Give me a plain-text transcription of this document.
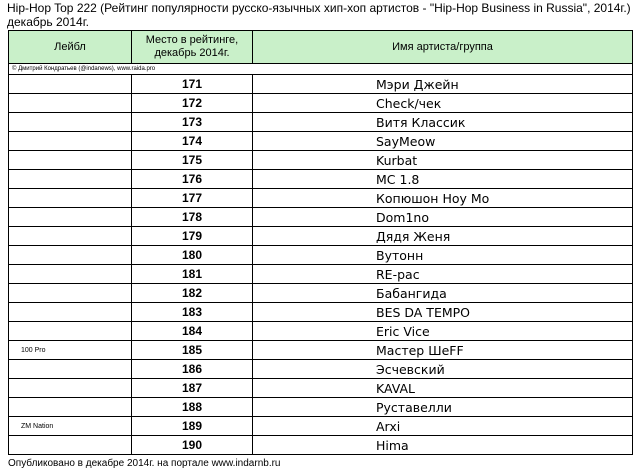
Hip-Hop Top 222 (Рейтинг популярности русско-язычных хип-хоп артистов - "Hip-Hop Business in Russia", 2014г.) декабрь 2014г.
Лейбл	Место в рейтинге, декабрь 2014г.	Имя артиста/группа
© Дмитрий Кондратьев (@indanews), www.raida.pro		
	171	Мэри Джейн
	172	Check/чек
	173	Витя Классик
	174	SayMeow
	175	Kurbat
	176	MC 1.8
	177	Копюшон Hoy Mo
	178	Dom1no
	179	Дядя Женя
	180	Вутонн
	181	RE-pac
	182	Бабангида
	183	BES DA TEMPO
	184	Eric Vice
100 Pro	185	Мастер ШеFF
	186	Эсчевский
	187	KAVAL
	188	Руставелли
ZM Nation	189	Arxi
	190	Hima
Опубликовано в декабре 2014г. на портале www.indarnb.ru
